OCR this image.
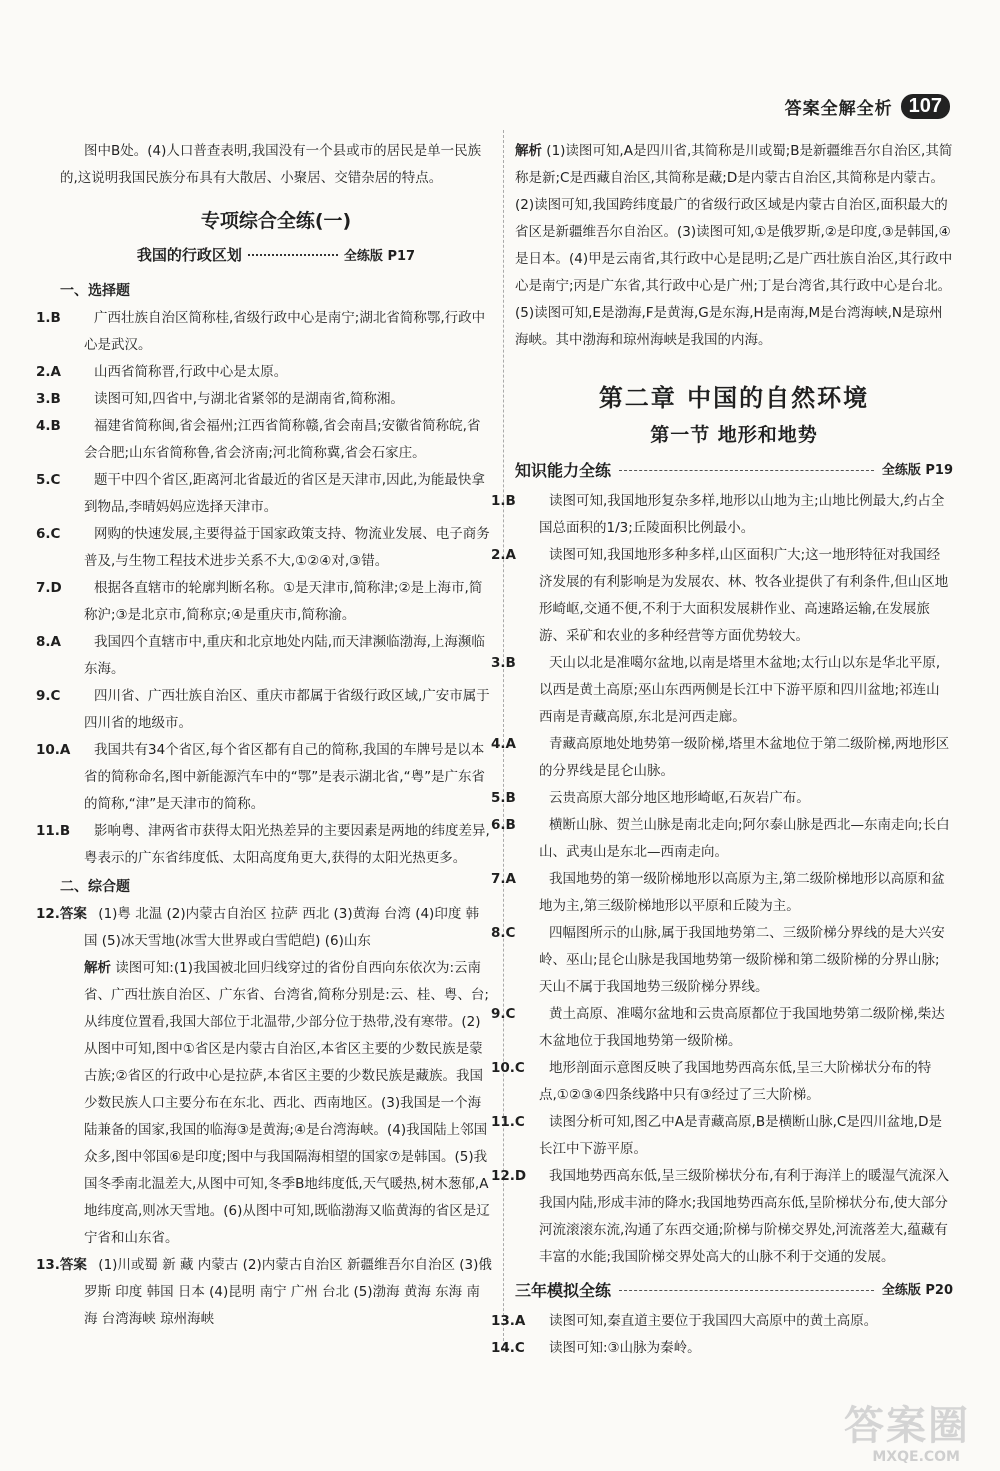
答案全解全析 107

图中B处。(4)人口普查表明,我国没有一个县或市的居民是单一民族的,这说明我国民族分布具有大散居、小聚居、交错杂居的特点。

专项综合全练(一)
我国的行政区划	全练版 P17
一、选择题

1.B 广西壮族自治区简称桂,省级行政中心是南宁;湖北省简称鄂,行政中心是武汉。

2.A 山西省简称晋,行政中心是太原。

3.B 读图可知,四省中,与湖北省紧邻的是湖南省,简称湘。

4.B 福建省简称闽,省会福州;江西省简称赣,省会南昌;安徽省简称皖,省会合肥;山东省简称鲁,省会济南;河北简称冀,省会石家庄。

5.C 题干中四个省区,距离河北省最近的省区是天津市,因此,为能最快拿到物品,李晴妈妈应选择天津市。

6.C 网购的快速发展,主要得益于国家政策支持、物流业发展、电子商务普及,与生物工程技术进步关系不大,①②④对,③错。

7.D 根据各直辖市的轮廓判断名称。①是天津市,简称津;②是上海市,简称沪;③是北京市,简称京;④是重庆市,简称渝。

8.A 我国四个直辖市中,重庆和北京地处内陆,而天津濒临渤海,上海濒临东海。

9.C 四川省、广西壮族自治区、重庆市都属于省级行政区域,广安市属于四川省的地级市。

10.A 我国共有34个省区,每个省区都有自己的简称,我国的车牌号是以本省的简称命名,图中新能源汽车中的“鄂”是表示湖北省,“粤”是广东省的简称,“津”是天津市的简称。

11.B 影响粤、津两省市获得太阳光热差异的主要因素是两地的纬度差异,粤表示的广东省纬度低、太阳高度角更大,获得的太阳光热更多。

二、综合题

12.答案 (1)粤 北温 (2)内蒙古自治区 拉萨 西北 (3)黄海 台湾 (4)印度 韩国 (5)冰天雪地(冰雪大世界或白雪皑皑) (6)山东

解析 读图可知:(1)我国被北回归线穿过的省份自西向东依次为:云南省、广西壮族自治区、广东省、台湾省,简称分别是:云、桂、粤、台;从纬度位置看,我国大部位于北温带,少部分位于热带,没有寒带。(2)从图中可知,图中①省区是内蒙古自治区,本省区主要的少数民族是蒙古族;②省区的行政中心是拉萨,本省区主要的少数民族是藏族。我国少数民族人口主要分布在东北、西北、西南地区。(3)我国是一个海陆兼备的国家,我国的临海③是黄海;④是台湾海峡。(4)我国陆上邻国众多,图中邻国⑥是印度;图中与我国隔海相望的国家⑦是韩国。(5)我国冬季南北温差大,从图中可知,冬季B地纬度低,天气暖热,树木葱郁,A地纬度高,则冰天雪地。(6)从图中可知,既临渤海又临黄海的省区是辽宁省和山东省。

13.答案 (1)川或蜀 新 藏 内蒙古 (2)内蒙古自治区 新疆维吾尔自治区 (3)俄罗斯 印度 韩国 日本 (4)昆明 南宁 广州 台北 (5)渤海 黄海 东海 南海 台湾海峡 琼州海峡

解析 (1)读图可知,A是四川省,其简称是川或蜀;B是新疆维吾尔自治区,其简称是新;C是西藏自治区,其简称是藏;D是内蒙古自治区,其简称是内蒙古。(2)读图可知,我国跨纬度最广的省级行政区域是内蒙古自治区,面积最大的省区是新疆维吾尔自治区。(3)读图可知,①是俄罗斯,②是印度,③是韩国,④是日本。(4)甲是云南省,其行政中心是昆明;乙是广西壮族自治区,其行政中心是南宁;丙是广东省,其行政中心是广州;丁是台湾省,其行政中心是台北。(5)读图可知,E是渤海,F是黄海,G是东海,H是南海,M是台湾海峡,N是琼州海峡。其中渤海和琼州海峡是我国的内海。

第二章 中国的自然环境
第一节 地形和地势
知识能力全练	全练版 P19

1.B 读图可知,我国地形复杂多样,地形以山地为主;山地比例最大,约占全国总面积的1/3;丘陵面积比例最小。

2.A 读图可知,我国地形多种多样,山区面积广大;这一地形特征对我国经济发展的有利影响是为发展农、林、牧各业提供了有利条件,但山区地形崎岖,交通不便,不利于大面积发展耕作业、高速路运输,在发展旅游、采矿和农业的多种经营等方面优势较大。

3.B 天山以北是准噶尔盆地,以南是塔里木盆地;太行山以东是华北平原,以西是黄土高原;巫山东西两侧是长江中下游平原和四川盆地;祁连山西南是青藏高原,东北是河西走廊。

4.A 青藏高原地处地势第一级阶梯,塔里木盆地位于第二级阶梯,两地形区的分界线是昆仑山脉。

5.B 云贵高原大部分地区地形崎岖,石灰岩广布。

6.B 横断山脉、贺兰山脉是南北走向;阿尔泰山脉是西北—东南走向;长白山、武夷山是东北—西南走向。

7.A 我国地势的第一级阶梯地形以高原为主,第二级阶梯地形以高原和盆地为主,第三级阶梯地形以平原和丘陵为主。

8.C 四幅图所示的山脉,属于我国地势第二、三级阶梯分界线的是大兴安岭、巫山;昆仑山脉是我国地势第一级阶梯和第二级阶梯的分界山脉;天山不属于我国地势三级阶梯分界线。

9.C 黄土高原、准噶尔盆地和云贵高原都位于我国地势第二级阶梯,柴达木盆地位于我国地势第一级阶梯。

10.C 地形剖面示意图反映了我国地势西高东低,呈三大阶梯状分布的特点,①②③④四条线路中只有③经过了三大阶梯。

11.C 读图分析可知,图乙中A是青藏高原,B是横断山脉,C是四川盆地,D是长江中下游平原。

12.D 我国地势西高东低,呈三级阶梯状分布,有利于海洋上的暖湿气流深入我国内陆,形成丰沛的降水;我国地势西高东低,呈阶梯状分布,使大部分河流滚滚东流,沟通了东西交通;阶梯与阶梯交界处,河流落差大,蕴藏有丰富的水能;我国阶梯交界处高大的山脉不利于交通的发展。

三年模拟全练	全练版 P20

13.A 读图可知,秦直道主要位于我国四大高原中的黄土高原。

14.C 读图可知:③山脉为秦岭。

答案圈
MXQE.COM
